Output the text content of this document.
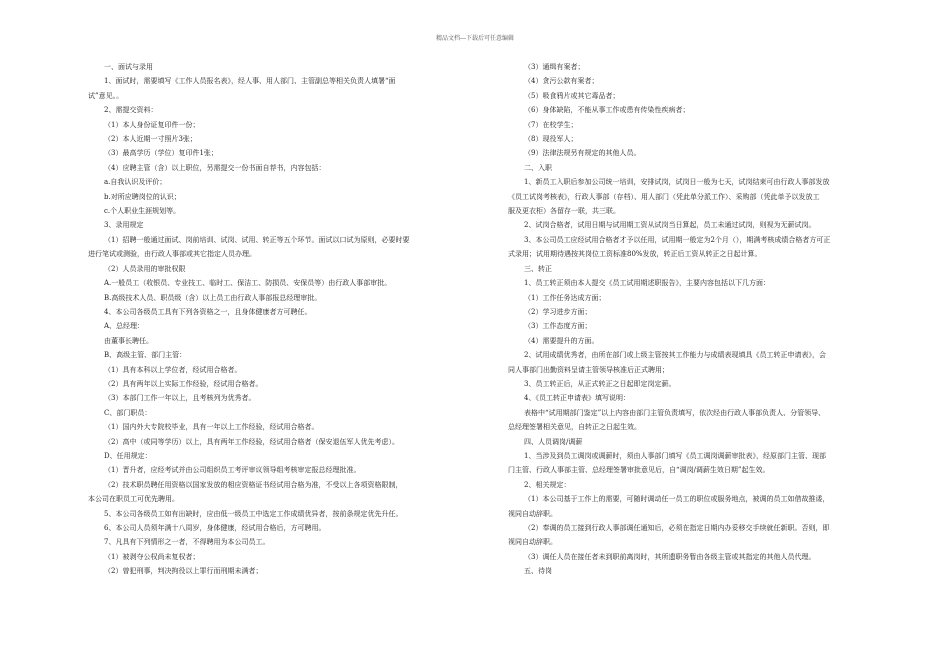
精品文档---下载后可任意编辑

一、面试与录用

1、面试时，需要填写《工作人员报名表》，经人事、用人部门、主管副总等相关负责人填署“面

试”意见。。

2、需提交资料：

（1）本人身份证复印件一份；

（2）本人近期一寸照片3张；

（3）最高学历（学位）复印件1张；

（4）应聘主管（含）以上职位，另需提交一份书面自荐书，内容包括：

a.自我认识及评价；

b.对所应聘岗位的认识；

c.个人职业生涯规划等。

3、录用规定

（1）招聘一般通过面试、岗前培训、试岗、试用、转正等五个环节。面试以口试为原则，必要时要

进行笔试或测验，由行政人事部或其它指定人员办理。

（2）人员录用的审批权限

A.一般员工（收银员、专业技工、临时工、保洁工、防损员、安保员等）由行政人事部审批。

B.高级技术人员、职员级（含）以上员工由行政人事部报总经理审批。

4、本公司各级员工具有下列各资格之一，且身体健康者方可聘任。

A、总经理：

由董事长聘任。

B、高级主管、部门主管：

（1）具有本科以上学位者，经试用合格者。

（2）具有两年以上实际工作经验，经试用合格者。

（3）本部门工作一年以上，且考核列为优秀者。

C、部门职员：

（1）国内外大专院校毕业，具有一年以上工作经验，经试用合格者。

（2）高中（或同等学历）以上，具有两年工作经验，经试用合格者（保安退伍军人优先考虑）。

D、任用规定：

（1）晋升者，应经考试并由公司组织员工考评审议领导组考核审定报总经理批准。

（2）技术职员聘任用资格以国家发放的相应资格证书经试用合格为准，不受以上各项资格限制，

本公司在职员工可优先聘用。

5、本公司各级员工如有出缺时，应由低一级员工中选定工作成绩优异者，按前条规定优先升任。

6、本公司人员须年满十八周岁，身体健康，经试用合格后，方可聘用。

7、凡具有下列情形之一者，不得聘用为本公司员工。

（1）被剥夺公权尚未复权者；

（2）曾犯刑事，判决拘役以上罪行而刑期未满者；

（3）通缉有案者；

（4）贪污公款有案者；

（5）吸食鸦片或其它毒品者；

（6）身体缺陷，不能从事工作或患有传染性疾病者；

（7）在校学生；

（8）现役军人；

（9）法律法规另有规定的其他人员。

二、入职

1、新员工入职后参加公司统一培训，安排试岗，试岗日一般为七天，试岗结束可由行政人事部发放

《员工试岗考核表》，行政人事部（存档）、用人部门（凭此单分派工作）、采购部（凭此单予以发放工

服及更衣柜）各留存一联，共三联。

2、试岗合格者，试用日期与试用期工资从试岗当日算起，员工未通过试岗，则视为无薪试岗。

3、本公司员工应经试用合格者才予以任用，试用期一般定为2个月（），期满考核成绩合格者方可正

式录用；试用期待遇按其岗位工资标准80%发放，转正后工资从转正之日起计算。

三、转正

1、员工转正须由本人提交《员工试用期述职报告》，主要内容包括以下几方面：

（1）工作任务达成方面；

（2）学习进步方面；

（3）工作态度方面；

（4）需要提升的方面。

2、试用成绩优秀者，由所在部门或上级主管按其工作能力与成绩表现填具《员工转正申请表》，会

同人事部门出勤资料呈请主管领导核准后正式聘用；

3、员工转正后，从正式转正之日起即定岗定薪。

4、《员工转正申请表》填写说明：

表格中“试用期部门鉴定”以上内容由部门主管负责填写，依次经由行政人事部负责人、分管领导、

总经理签署相关意见，自转正之日起生效。

四、人员调岗/调薪

1、当涉及到员工调岗或调薪时，须由人事部门填写《员工调岗调薪审批表》，经原部门主管、现部

门主管、行政人事部主管、总经理签署审批意见后，自“调岗/调薪生效日期”起生效。

2、相关规定：

（1）本公司基于工作上的需要，可随时调动任一员工的职位或服务地点，被调的员工如借故推诿，

视同自动辞职。

（2）奉调的员工接到行政人事部调任通知后，必须在指定日期内办妥移交手续就任新职。否则，即

视同自动辞职。

（3）调任人员在接任者未到职前离岗时，其所遗职务暂由各级主管或其指定的其他人员代理。

五、待岗
